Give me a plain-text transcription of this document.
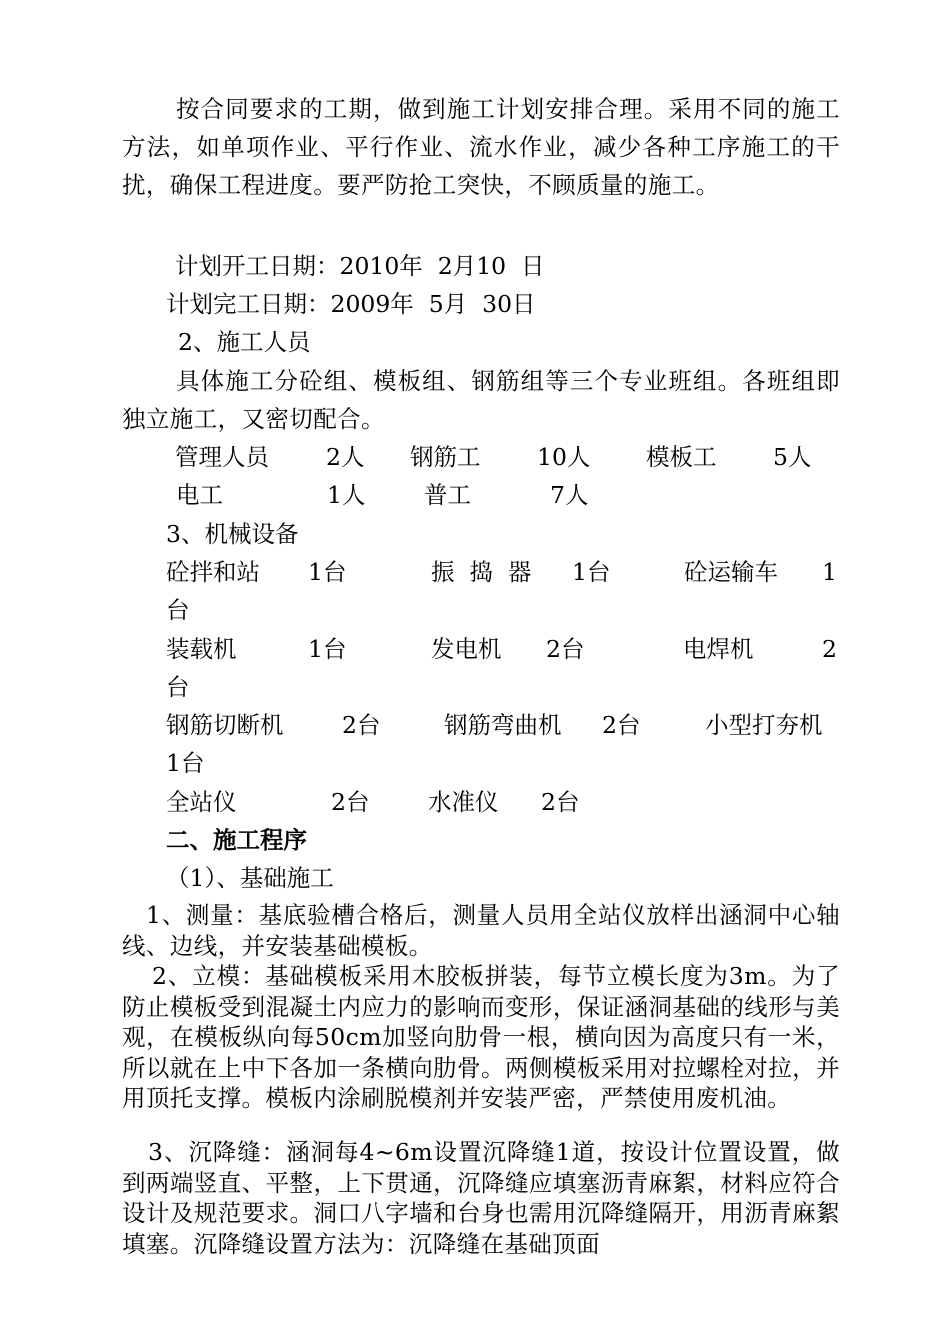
按合同要求的工期，做到施工计划安排合理。采用不同的施工方法，如单项作业、平行作业、流水作业，减少各种工序施工的干扰，确保工程进度。要严防抢工突快，不顾质量的施工。
计划开工日期：2010年  2月10  日
计划完工日期：2009年  5月  30日
2、施工人员
具体施工分砼组、模板组、钢筋组等三个专业班组。各班组即独立施工，又密切配合。
管理人员 2人 钢筋工 10人 模板工 5人
电工	1人 普工	7人
3、机械设备
砼拌和站 1台	振  捣  器 1台	砼运输车 1
台
装载机	1台	发电机 2台	电焊机	2
台
钢筋切断机 2台	钢筋弯曲机 2台	小型打夯机
1台
全站仪	2台 水准仪 2台
二、施工程序
（1）、基础施工
1、测量：基底验槽合格后，测量人员用全站仪放样出涵洞中心轴线、边线，并安装基础模板。
2、立模：基础模板采用木胶板拼装，每节立模长度为3m。为了防止模板受到混凝土内应力的影响而变形，保证涵洞基础的线形与美观，在模板纵向每50cm加竖向肋骨一根，横向因为高度只有一米，所以就在上中下各加一条横向肋骨。两侧模板采用对拉螺栓对拉，并用顶托支撑。模板内涂刷脱模剂并安装严密，严禁使用废机油。
3、沉降缝：涵洞每4~6m设置沉降缝1道，按设计位置设置，做到两端竖直、平整，上下贯通，沉降缝应填塞沥青麻絮，材料应符合设计及规范要求。洞口八字墙和台身也需用沉降缝隔开，用沥青麻絮填塞。沉降缝设置方法为：沉降缝在基础顶面
